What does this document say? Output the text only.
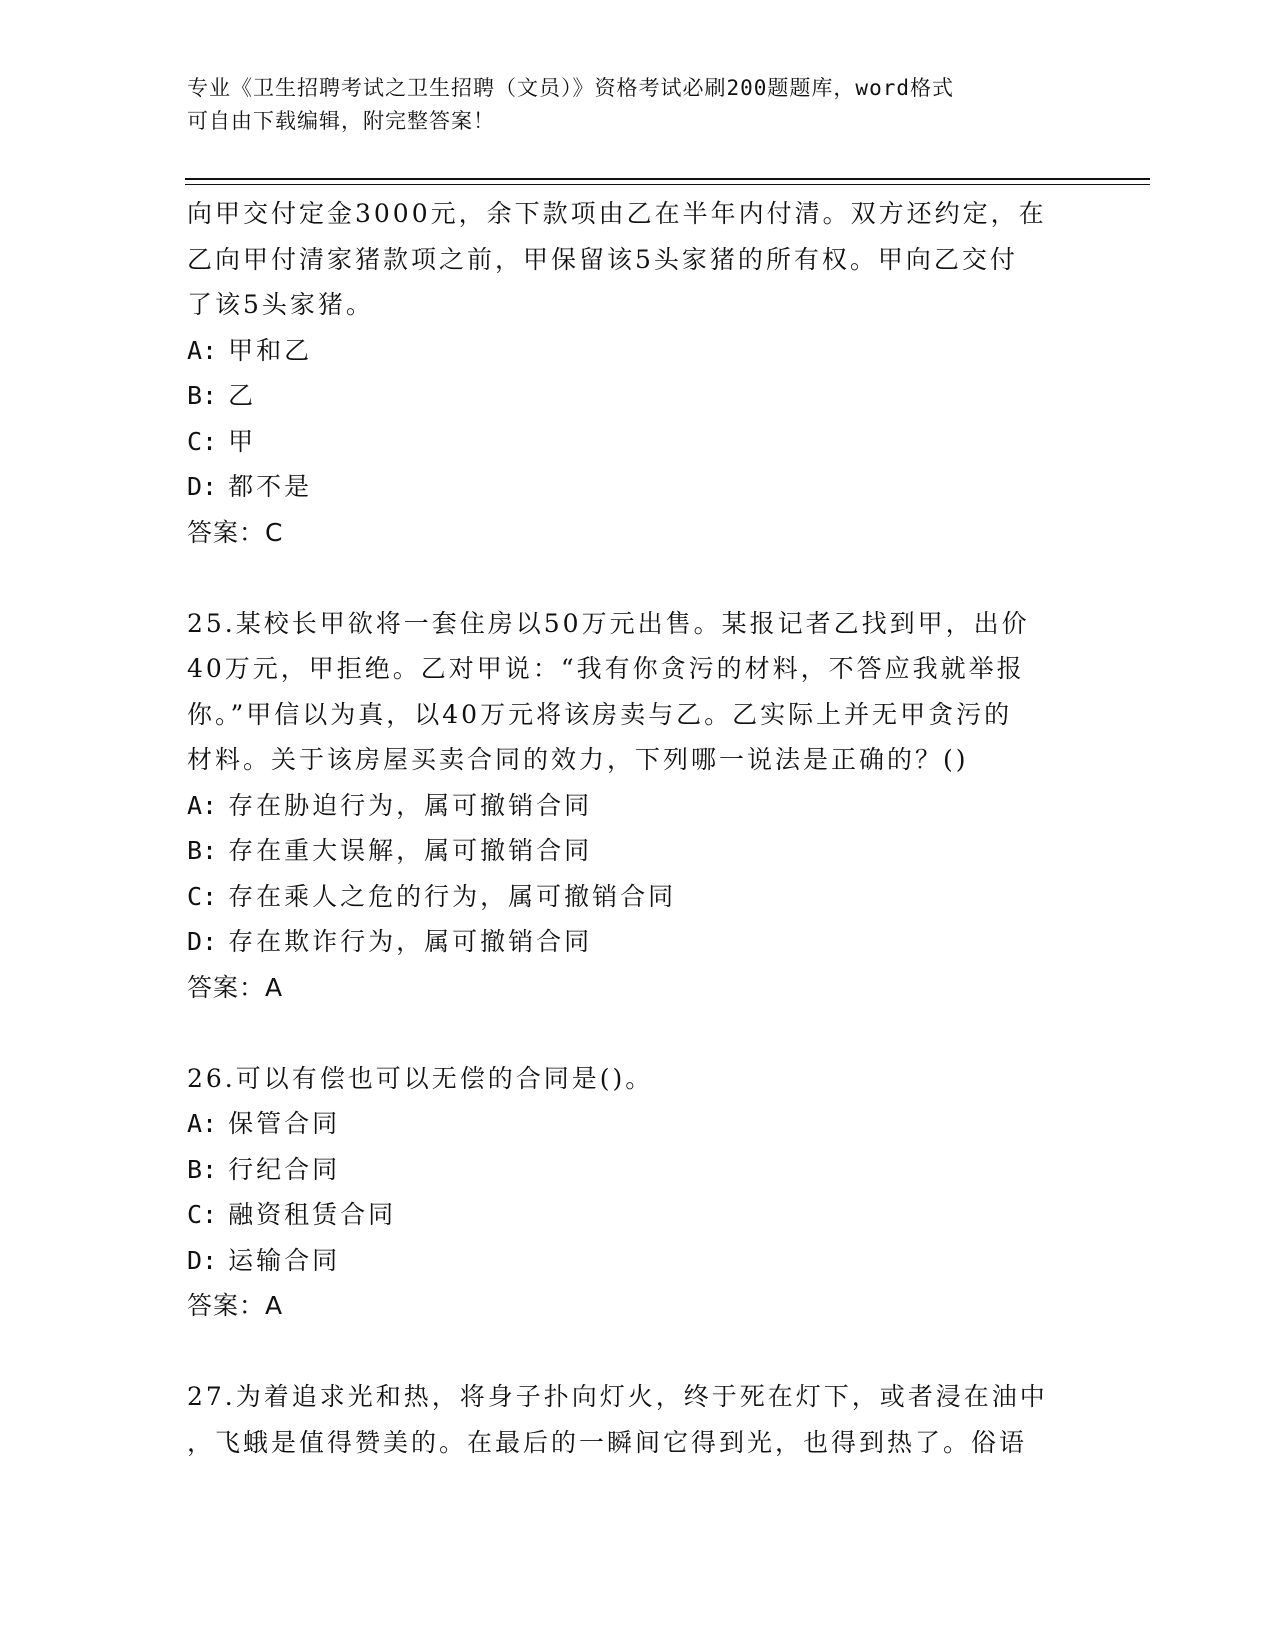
专业《卫生招聘考试之卫生招聘（文员）》资格考试必刷200题题库，word格式
可自由下载编辑，附完整答案！
向甲交付定金3000元，余下款项由乙在半年内付清。双方还约定，在
乙向甲付清家猪款项之前，甲保留该5头家猪的所有权。甲向乙交付
了该5头家猪。
A: 甲和乙
B: 乙
C: 甲
D: 都不是
答案：C
25.某校长甲欲将一套住房以50万元出售。某报记者乙找到甲，出价
40万元，甲拒绝。乙对甲说：“我有你贪污的材料，不答应我就举报
你。”甲信以为真，以40万元将该房卖与乙。乙实际上并无甲贪污的
材料。关于该房屋买卖合同的效力，下列哪一说法是正确的？()
A: 存在胁迫行为，属可撤销合同
B: 存在重大误解，属可撤销合同
C: 存在乘人之危的行为，属可撤销合同
D: 存在欺诈行为，属可撤销合同
答案：A
26.可以有偿也可以无偿的合同是()。
A: 保管合同
B: 行纪合同
C: 融资租赁合同
D: 运输合同
答案：A
27.为着追求光和热，将身子扑向灯火，终于死在灯下，或者浸在油中
，飞蛾是值得赞美的。在最后的一瞬间它得到光，也得到热了。俗语
